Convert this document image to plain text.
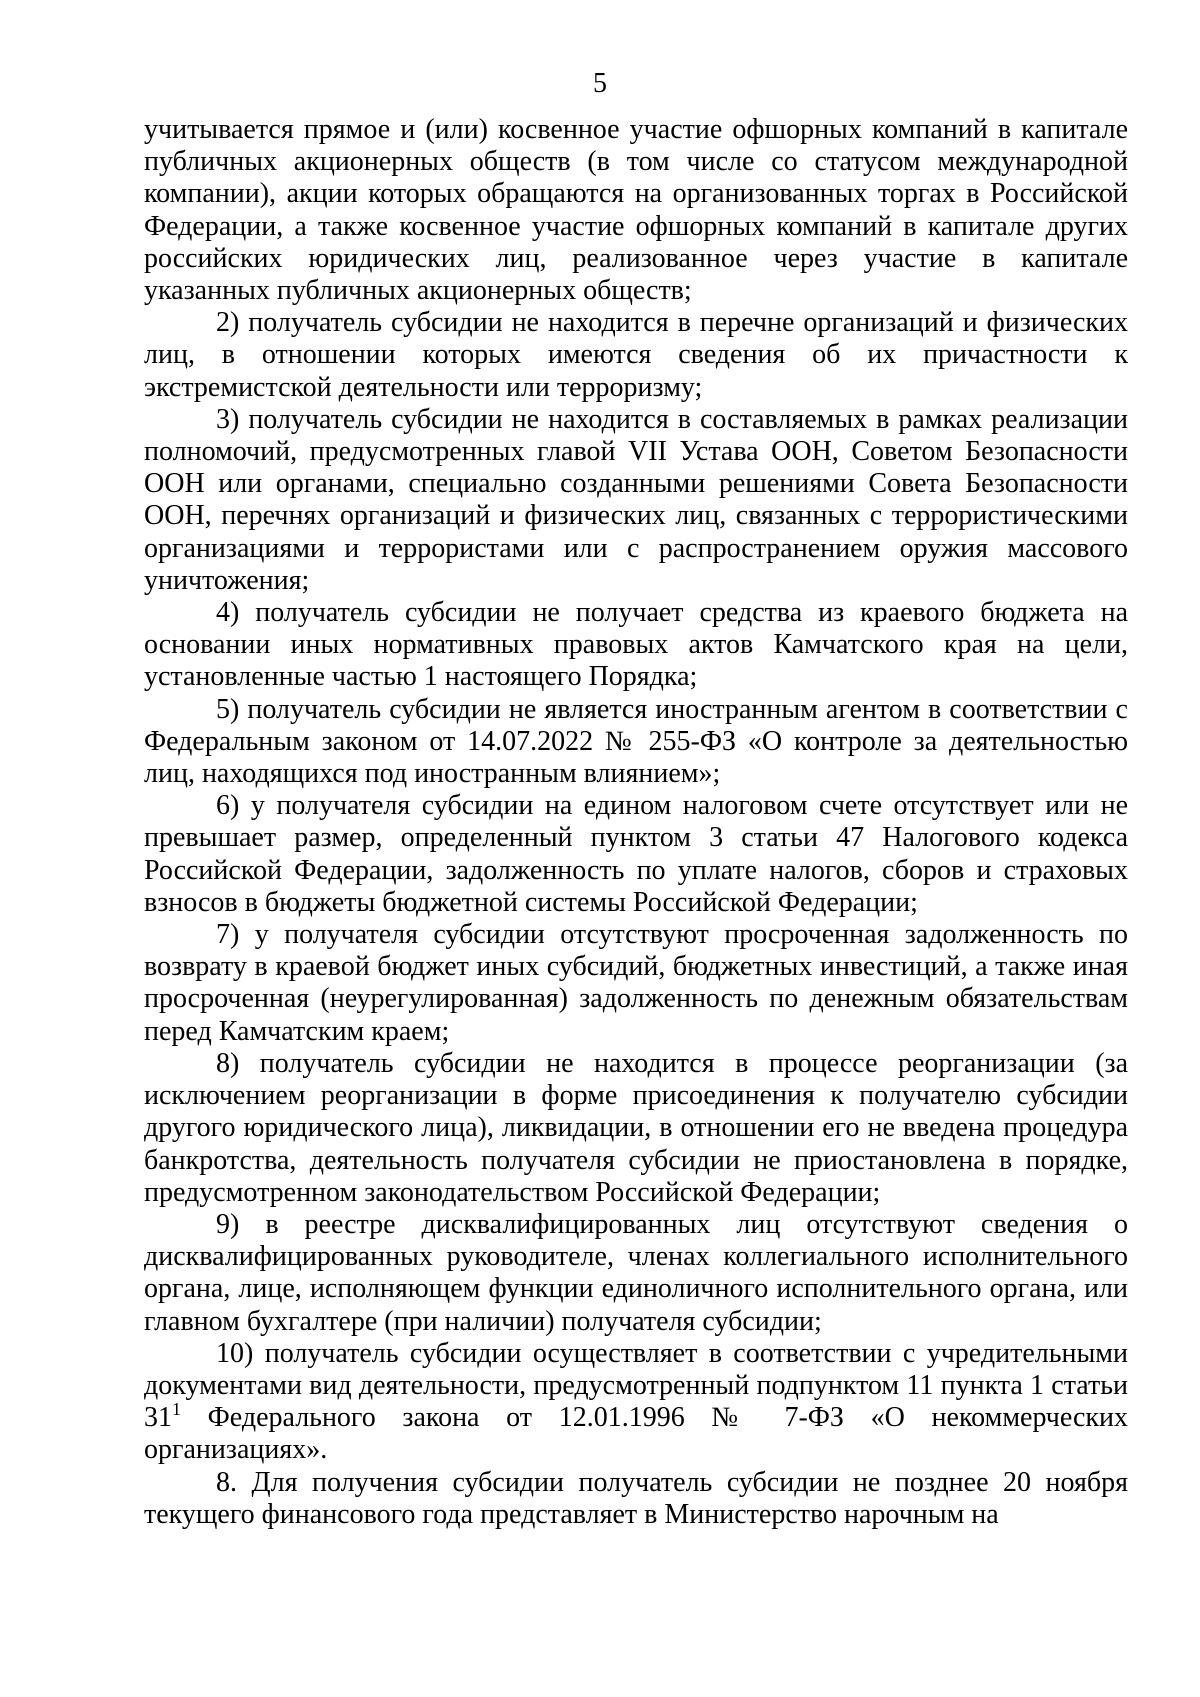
5

учитывается прямое и (или) косвенное участие офшорных компаний в капитале публичных акционерных обществ (в том числе со статусом международной компании), акции которых обращаются на организованных торгах в Российской Федерации, а также косвенное участие офшорных компаний в капитале других российских юридических лиц, реализованное через участие в капитале указанных публичных акционерных обществ;

2) получатель субсидии не находится в перечне организаций и физических лиц, в отношении которых имеются сведения об их причастности к экстремистской деятельности или терроризму;

3) получатель субсидии не находится в составляемых в рамках реализации полномочий, предусмотренных главой VII Устава ООН, Советом Безопасности ООН или органами, специально созданными решениями Совета Безопасности ООН, перечнях организаций и физических лиц, связанных с террористическими организациями и террористами или с распространением оружия массового уничтожения;

4) получатель субсидии не получает средства из краевого бюджета на основании иных нормативных правовых актов Камчатского края на цели, установленные частью 1 настоящего Порядка;

5) получатель субсидии не является иностранным агентом в соответствии с Федеральным законом от 14.07.2022 № 255-ФЗ «О контроле за деятельностью лиц, находящихся под иностранным влиянием»;

6) у получателя субсидии на едином налоговом счете отсутствует или не превышает размер, определенный пунктом 3 статьи 47 Налогового кодекса Российской Федерации, задолженность по уплате налогов, сборов и страховых взносов в бюджеты бюджетной системы Российской Федерации;

7) у получателя субсидии отсутствуют просроченная задолженность по возврату в краевой бюджет иных субсидий, бюджетных инвестиций, а также иная просроченная (неурегулированная) задолженность по денежным обязательствам перед Камчатским краем;

8) получатель субсидии не находится в процессе реорганизации (за исключением реорганизации в форме присоединения к получателю субсидии другого юридического лица), ликвидации, в отношении его не введена процедура банкротства, деятельность получателя субсидии не приостановлена в порядке, предусмотренном законодательством Российской Федерации;

9) в реестре дисквалифицированных лиц отсутствуют сведения о дисквалифицированных руководителе, членах коллегиального исполнительного органа, лице, исполняющем функции единоличного исполнительного органа, или главном бухгалтере (при наличии) получателя субсидии;

10) получатель субсидии осуществляет в соответствии с учредительными документами вид деятельности, предусмотренный подпунктом 11 пункта 1 статьи $31^1$ Федерального закона от 12.01.1996 № 7-ФЗ «О некоммерческих организациях».

8. Для получения субсидии получатель субсидии не позднее 20 ноября текущего финансового года представляет в Министерство нарочным на
